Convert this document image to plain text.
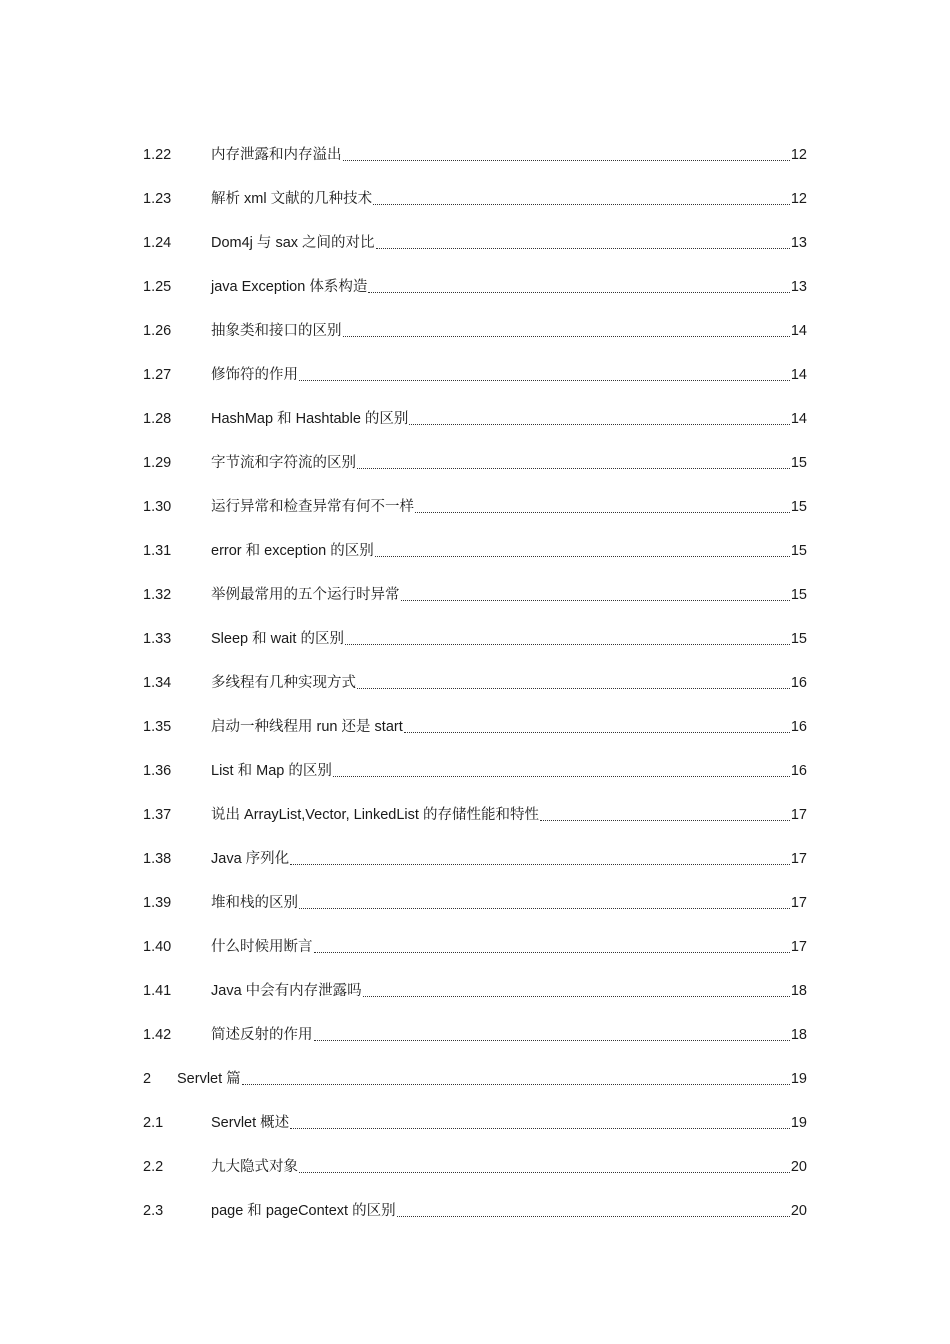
1.22	内存泄露和内存溢出	12
1.23	解析 xml 文献的几种技术	12
1.24	Dom4j 与 sax 之间的对比	13
1.25	java Exception 体系构造	13
1.26	抽象类和接口的区别	14
1.27	修饰符的作用	14
1.28	HashMap 和 Hashtable 的区别	14
1.29	字节流和字符流的区别	15
1.30	运行异常和检查异常有何不一样	15
1.31	error 和 exception 的区别	15
1.32	举例最常用的五个运行时异常	15
1.33	Sleep 和 wait 的区别	15
1.34	多线程有几种实现方式	16
1.35	启动一种线程用 run 还是 start	16
1.36	List 和 Map 的区别	16
1.37	说出 ArrayList,Vector, LinkedList 的存储性能和特性	17
1.38	Java 序列化	17
1.39	堆和栈的区别	17
1.40	什么时候用断言	17
1.41	Java 中会有内存泄露吗	18
1.42	简述反射的作用	18
2	Servlet 篇	19
2.1	Servlet 概述	19
2.2	九大隐式对象	20
2.3	page 和 pageContext 的区别	20
